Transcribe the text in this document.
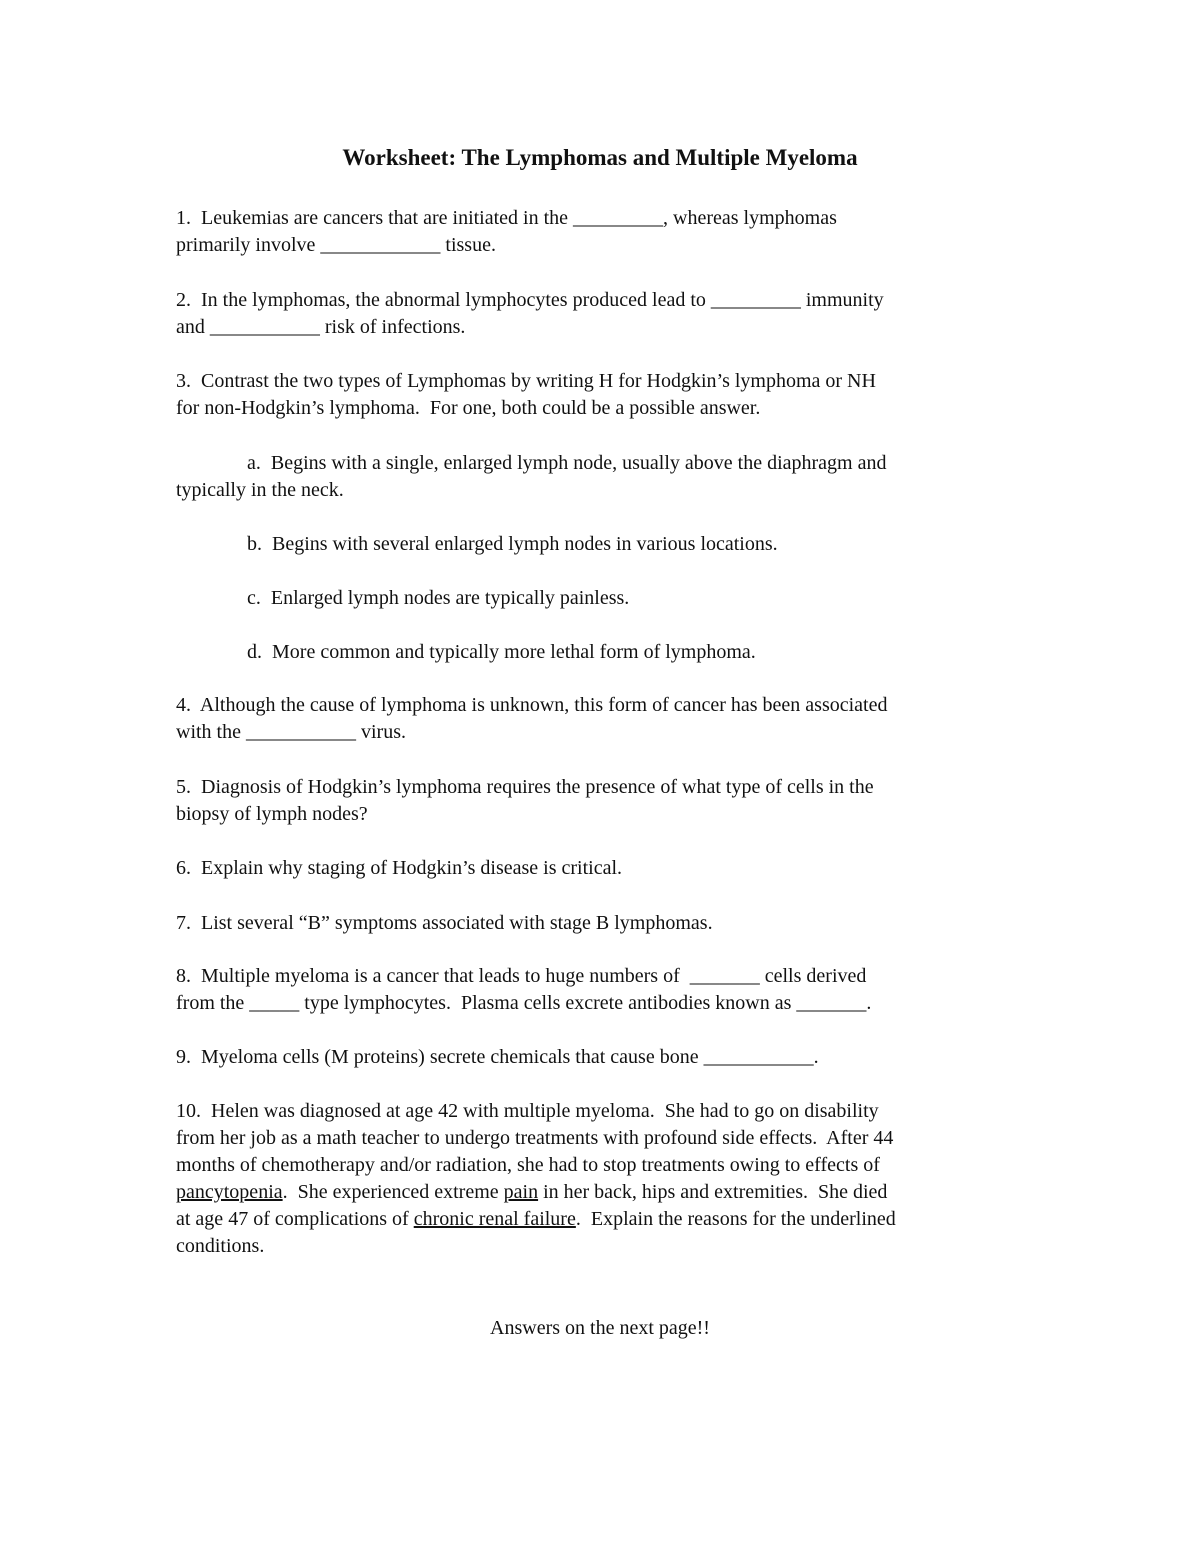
Worksheet: The Lymphomas and Multiple Myeloma
1.  Leukemias are cancers that are initiated in the _________, whereas lymphomas
primarily involve ____________ tissue.
2.  In the lymphomas, the abnormal lymphocytes produced lead to _________ immunity
and ___________ risk of infections.
3.  Contrast the two types of Lymphomas by writing H for Hodgkin’s lymphoma or NH
for non-Hodgkin’s lymphoma.  For one, both could be a possible answer.
a.  Begins with a single, enlarged lymph node, usually above the diaphragm and
typically in the neck.
b.  Begins with several enlarged lymph nodes in various locations.
c.  Enlarged lymph nodes are typically painless.
d.  More common and typically more lethal form of lymphoma.
4.  Although the cause of lymphoma is unknown, this form of cancer has been associated
with the ___________ virus.
5.  Diagnosis of Hodgkin’s lymphoma requires the presence of what type of cells in the
biopsy of lymph nodes?
6.  Explain why staging of Hodgkin’s disease is critical.
7.  List several “B” symptoms associated with stage B lymphomas.
8.  Multiple myeloma is a cancer that leads to huge numbers of  _______ cells derived
from the _____ type lymphocytes.  Plasma cells excrete antibodies known as _______.
9.  Myeloma cells (M proteins) secrete chemicals that cause bone ___________.
10.  Helen was diagnosed at age 42 with multiple myeloma.  She had to go on disability
from her job as a math teacher to undergo treatments with profound side effects.  After 44
months of chemotherapy and/or radiation, she had to stop treatments owing to effects of
pancytopenia.  She experienced extreme pain in her back, hips and extremities.  She died
at age 47 of complications of chronic renal failure.  Explain the reasons for the underlined
conditions.

Answers on the next page!!
